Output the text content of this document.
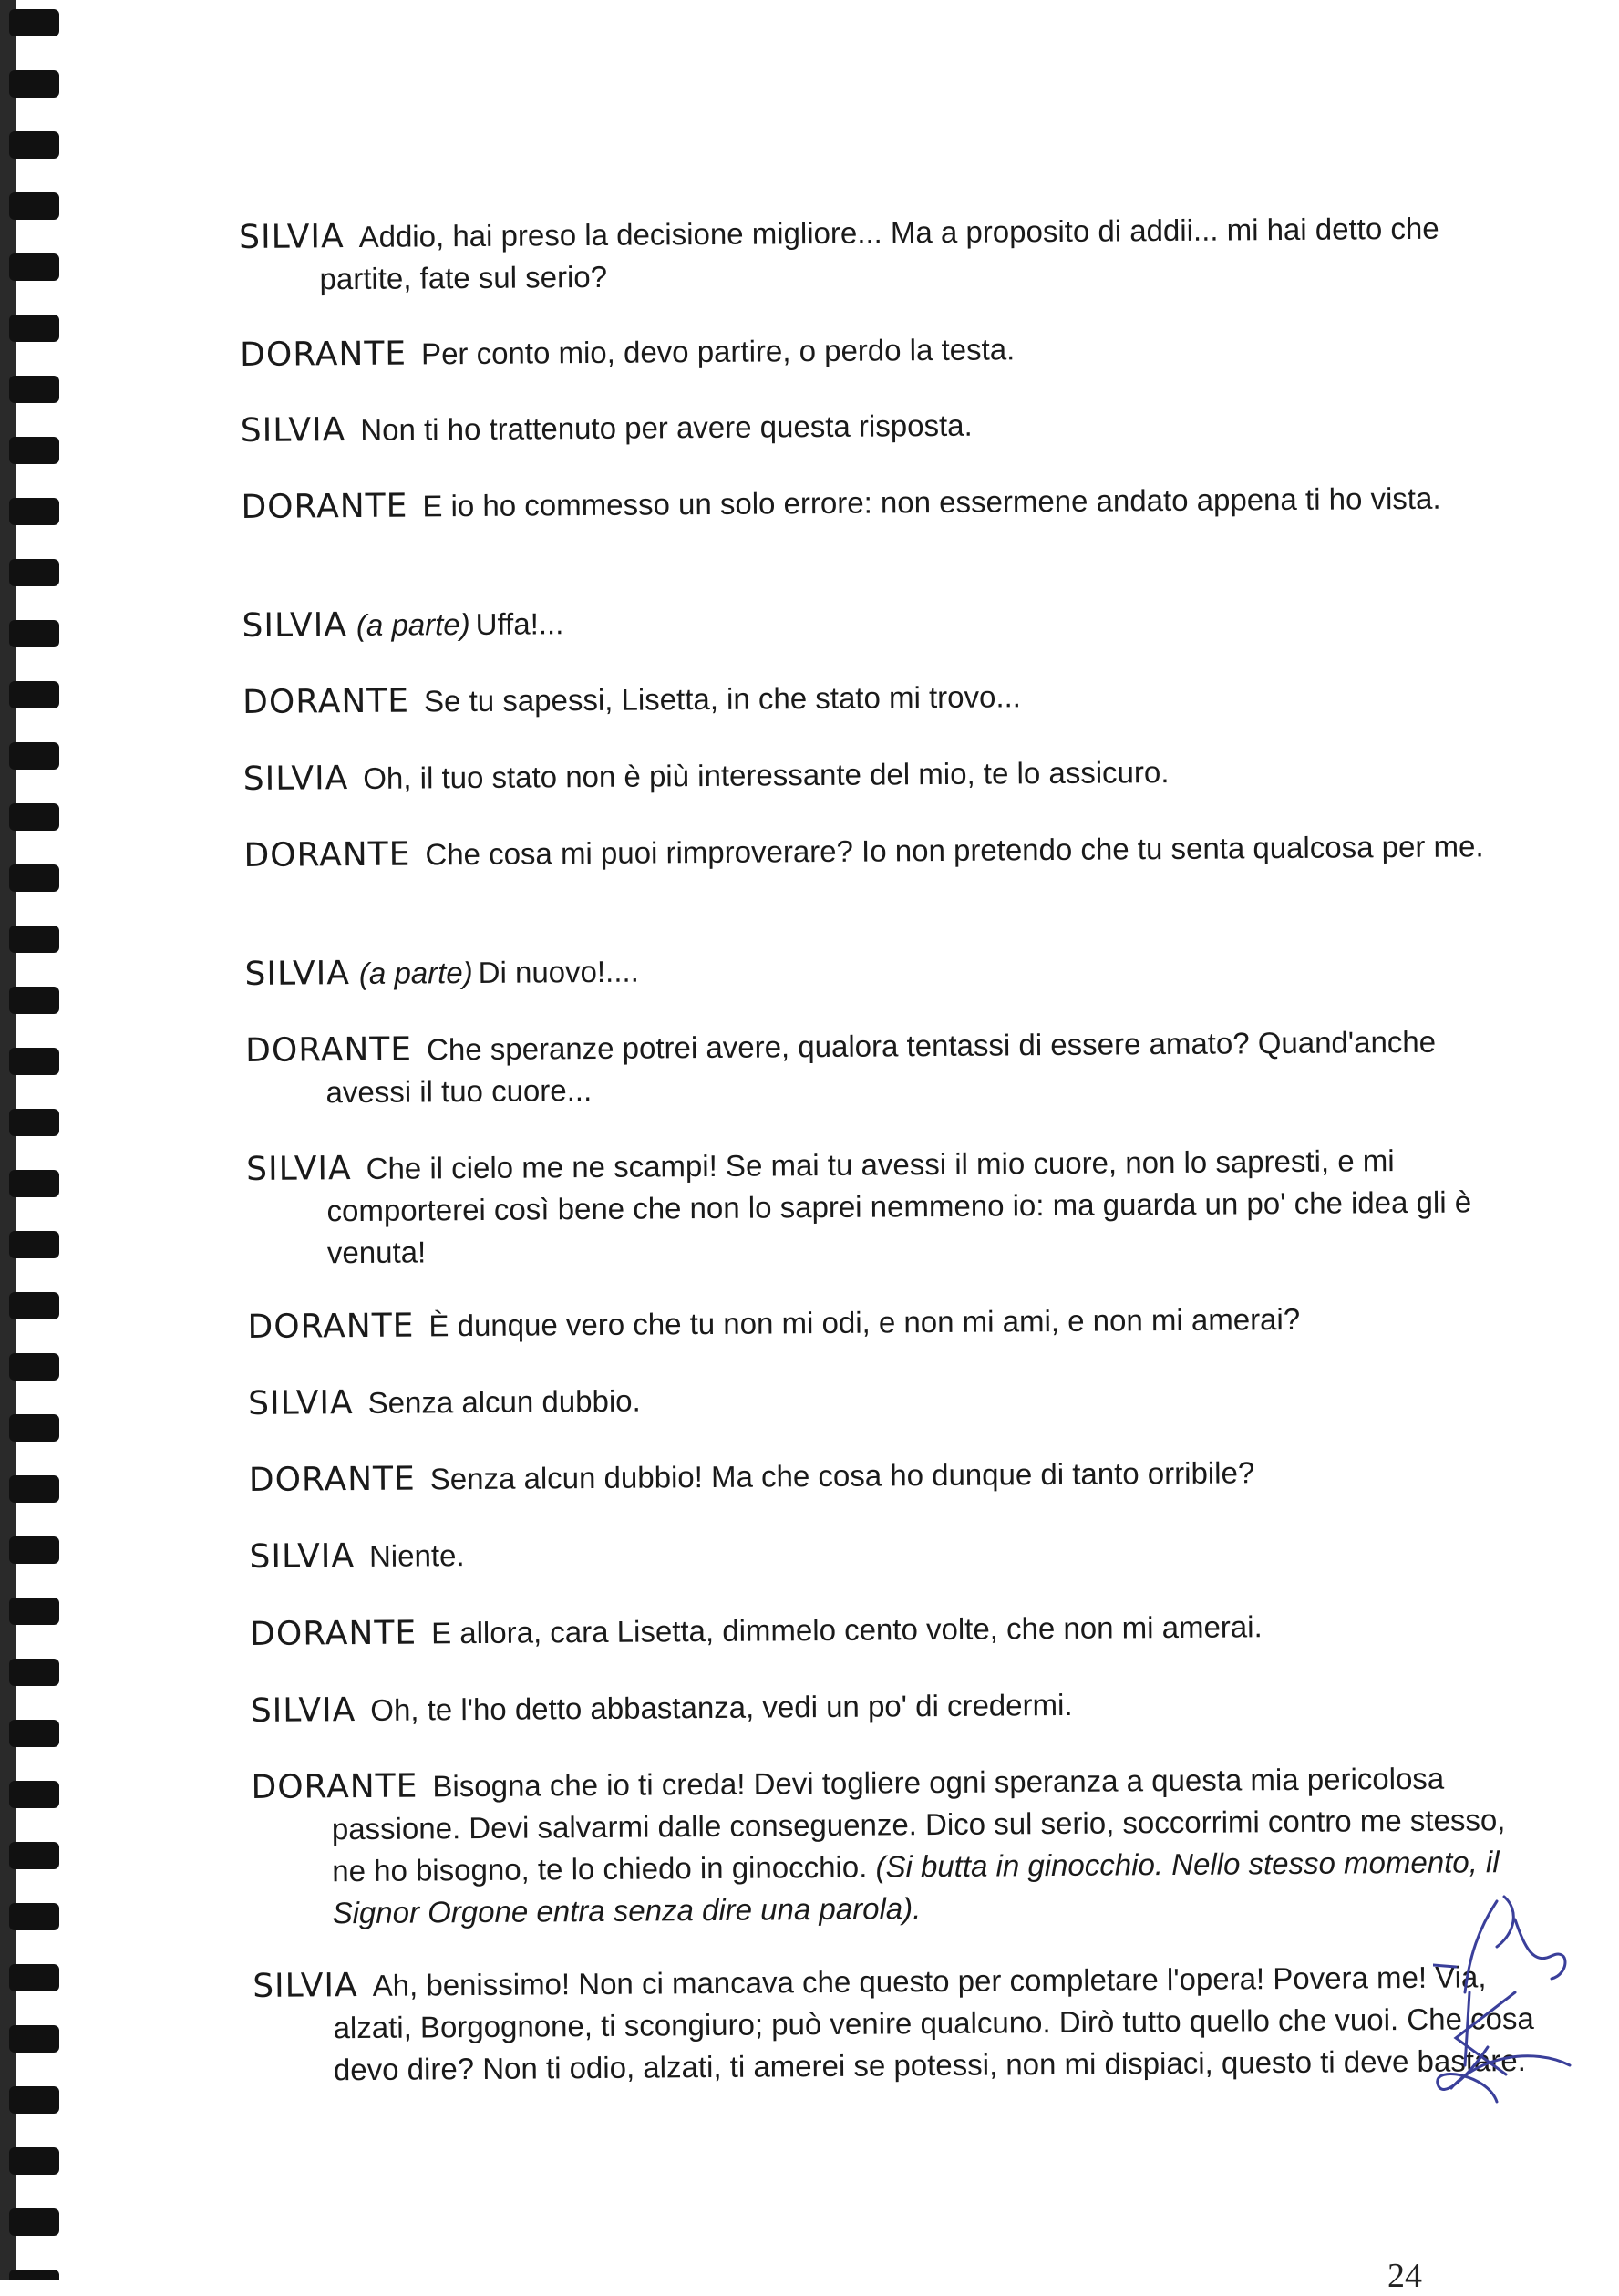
SILVIA Addio, hai preso la decisione migliore... Ma a proposito di addii... mi hai detto che partite, fate sul serio?

DORANTE Per conto mio, devo partire, o perdo la testa.

SILVIA Non ti ho trattenuto per avere questa risposta.

DORANTE E io ho commesso un solo errore: non essermene andato appena ti ho vista.

SILVIA (a parte) Uffa!...

DORANTE Se tu sapessi, Lisetta, in che stato mi trovo...

SILVIA Oh, il tuo stato non è più interessante del mio, te lo assicuro.

DORANTE Che cosa mi puoi rimproverare? Io non pretendo che tu senta qualcosa per me.

SILVIA (a parte) Di nuovo!....

DORANTE Che speranze potrei avere, qualora tentassi di essere amato? Quand'anche avessi il tuo cuore...

SILVIA Che il cielo me ne scampi! Se mai tu avessi il mio cuore, non lo sapresti, e mi comporterei così bene che non lo saprei nemmeno io: ma guarda un po' che idea gli è venuta!

DORANTE È dunque vero che tu non mi odi, e non mi ami, e non mi amerai?

SILVIA Senza alcun dubbio.

DORANTE Senza alcun dubbio! Ma che cosa ho dunque di tanto orribile?

SILVIA Niente.

DORANTE E allora, cara Lisetta, dimmelo cento volte, che non mi amerai.

SILVIA Oh, te l'ho detto abbastanza, vedi un po' di credermi.

DORANTE Bisogna che io ti creda! Devi togliere ogni speranza a questa mia pericolosa passione. Devi salvarmi dalle conseguenze. Dico sul serio, soccorrimi contro me stesso, ne ho bisogno, te lo chiedo in ginocchio. (Si butta in ginocchio. Nello stesso momento, il Signor Orgone entra senza dire una parola).

SILVIA Ah, benissimo! Non ci mancava che questo per completare l'opera! Povera me! Via, alzati, Borgognone, ti scongiuro; può venire qualcuno. Dirò tutto quello che vuoi. Che cosa devo dire? Non ti odio, alzati, ti amerei se potessi, non mi dispiaci, questo ti deve bastare.

24
